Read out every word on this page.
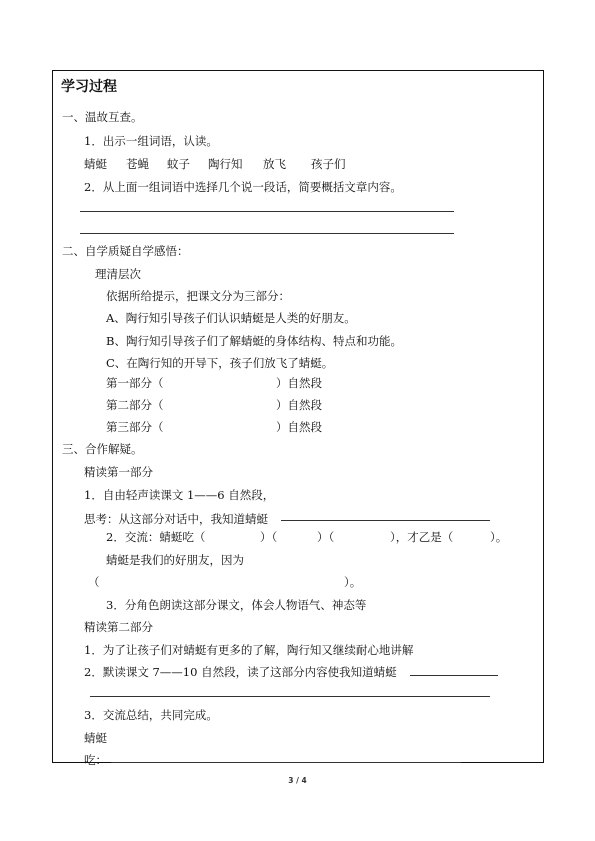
学习过程
一、温故互查。
1．出示一组词语，认读。
蜻蜓 苍蝇 蚊子 陶行知 放飞 孩子们
2．从上面一组词语中选择几个说一段话，简要概括文章内容。
二、自学质疑自学感悟：
理清层次
依据所给提示，把课文分为三部分：
A、陶行知引导孩子们认识蜻蜓是人类的好朋友。
B、陶行知引导孩子们了解蜻蜓的身体结构、特点和功能。
C、在陶行知的开导下，孩子们放飞了蜻蜓。
第一部分（	）自然段
第二部分（	）自然段
第三部分（	）自然段
三、合作解疑。
精读第一部分
1．自由轻声读课文 1——6 自然段，
思考：从这部分对话中，我知道蜻蜓
2．交流：蜻蜓吃（	）（	）（	），才乙是（	）。
蜻蜓是我们的好朋友，因为
（	）。
3．分角色朗读这部分课文，体会人物语气、神态等
精读第二部分
1．为了让孩子们对蜻蜓有更多的了解，陶行知又继续耐心地讲解
2．默读课文 7——10 自然段，读了这部分内容使我知道蜻蜓
3．交流总结，共同完成。
蜻蜓
吃：
3 / 4
